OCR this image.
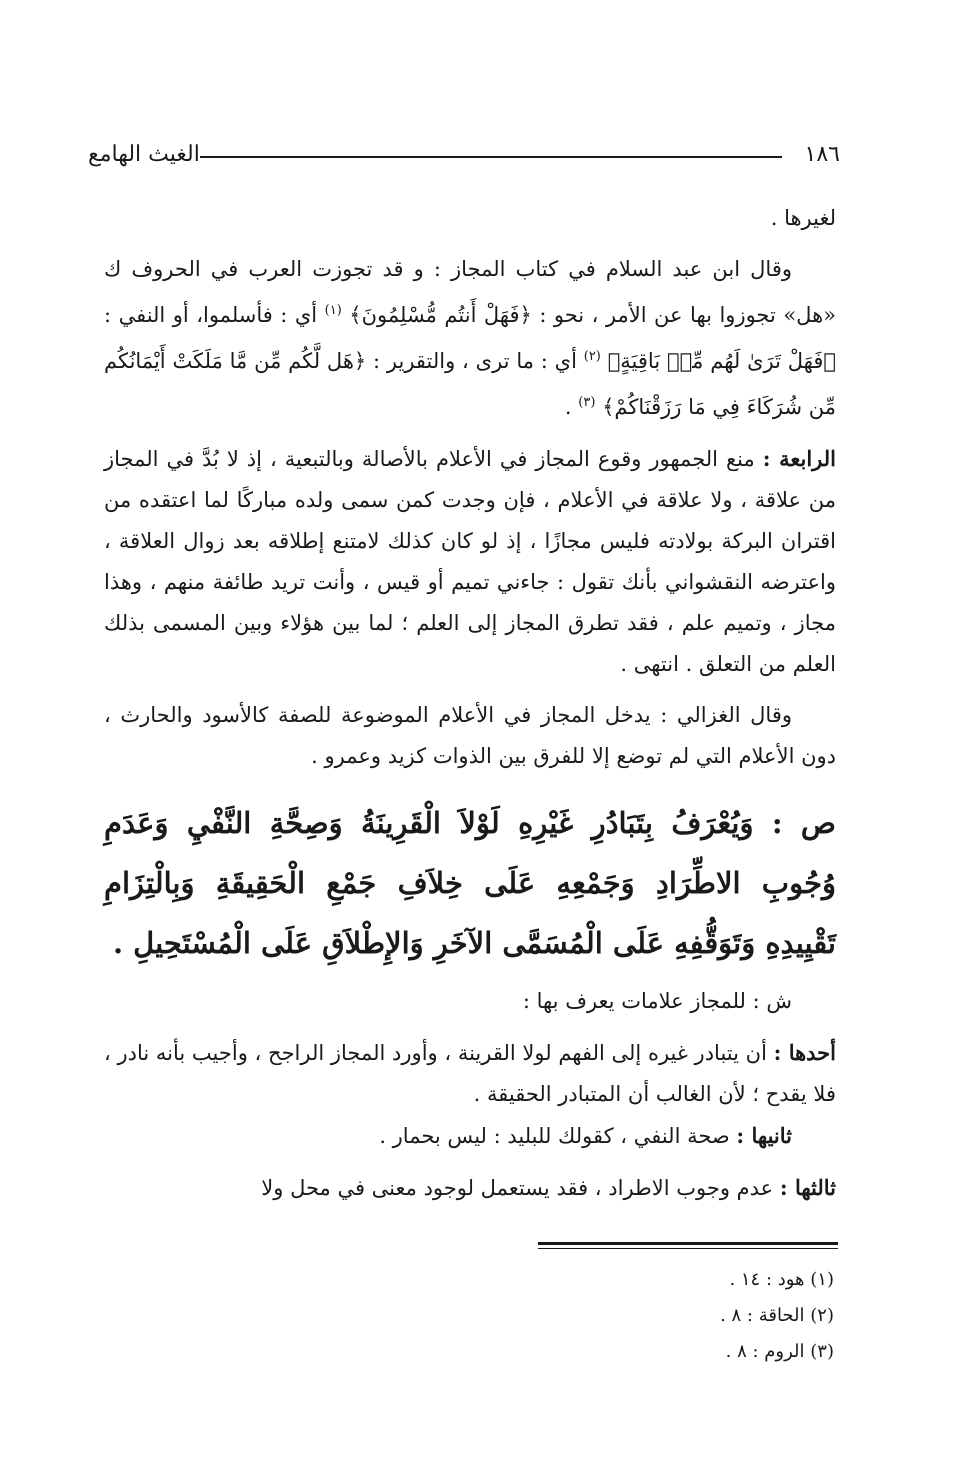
١٨٦
الغيث الهامع

لغيرها .

وقال ابن عبد السلام في كتاب المجاز : و قد تجوزت العرب في الحروف ك «هل» تجوزوا بها عن الأمر ، نحو : ﴿فَهَلْ أَنتُم مُّسْلِمُونَ﴾ $^{(١)}$ أي : فأسلموا، أو النفي : ﴿فَهَلْ تَرَىٰ لَهُم مِّنۢ بَاقِيَةٍ﴾ $^{(٢)}$ أي : ما ترى ، والتقرير : ﴿هَل لَّكُم مِّن مَّا مَلَكَتْ أَيْمَانُكُم مِّن شُرَكَاءَ فِي مَا رَزَقْنَاكُمْ﴾ $^{(٣)}$ .

الرابعة : منع الجمهور وقوع المجاز في الأعلام بالأصالة وبالتبعية ، إذ لا بُدَّ في المجاز من علاقة ، ولا علاقة في الأعلام ، فإن وجدت كمن سمى ولده مباركًا لما اعتقده من اقتران البركة بولادته فليس مجازًا ، إذ لو كان كذلك لامتنع إطلاقه بعد زوال العلاقة ، واعترضه النقشواني بأنك تقول : جاءني تميم أو قيس ، وأنت تريد طائفة منهم ، وهذا مجاز ، وتميم علم ، فقد تطرق المجاز إلى العلم ؛ لما بين هؤلاء وبين المسمى بذلك العلم من التعلق . انتهى .

وقال الغزالي : يدخل المجاز في الأعلام الموضوعة للصفة كالأسود والحارث ، دون الأعلام التي لم توضع إلا للفرق بين الذوات كزيد وعمرو .

ص : وَيُعْرَفُ بِتَبَادُرِ غَيْرِهِ لَوْلاَ الْقَرِينَةُ وَصِحَّةِ النَّفْيِ وَعَدَمِ وُجُوبِ الاطِّرَادِ وَجَمْعِهِ عَلَى خِلاَفِ جَمْعِ الْحَقِيقَةِ وَبِالْتِزَامِ تَقْيِيدِهِ وَتَوَقُّفِهِ عَلَى الْمُسَمَّى الآخَرِ وَالإِطْلاَقِ عَلَى الْمُسْتَحِيلِ .

ش : للمجاز علامات يعرف بها :

أحدها : أن يتبادر غيره إلى الفهم لولا القرينة ، وأورد المجاز الراجح ، وأجيب بأنه نادر ، فلا يقدح ؛ لأن الغالب أن المتبادر الحقيقة .

ثانيها : صحة النفي ، كقولك للبليد : ليس بحمار .

ثالثها : عدم وجوب الاطراد ، فقد يستعمل لوجود معنى في محل ولا

(١) هود : ١٤ .

(٢) الحاقة : ٨ .

(٣) الروم : ٨ .
